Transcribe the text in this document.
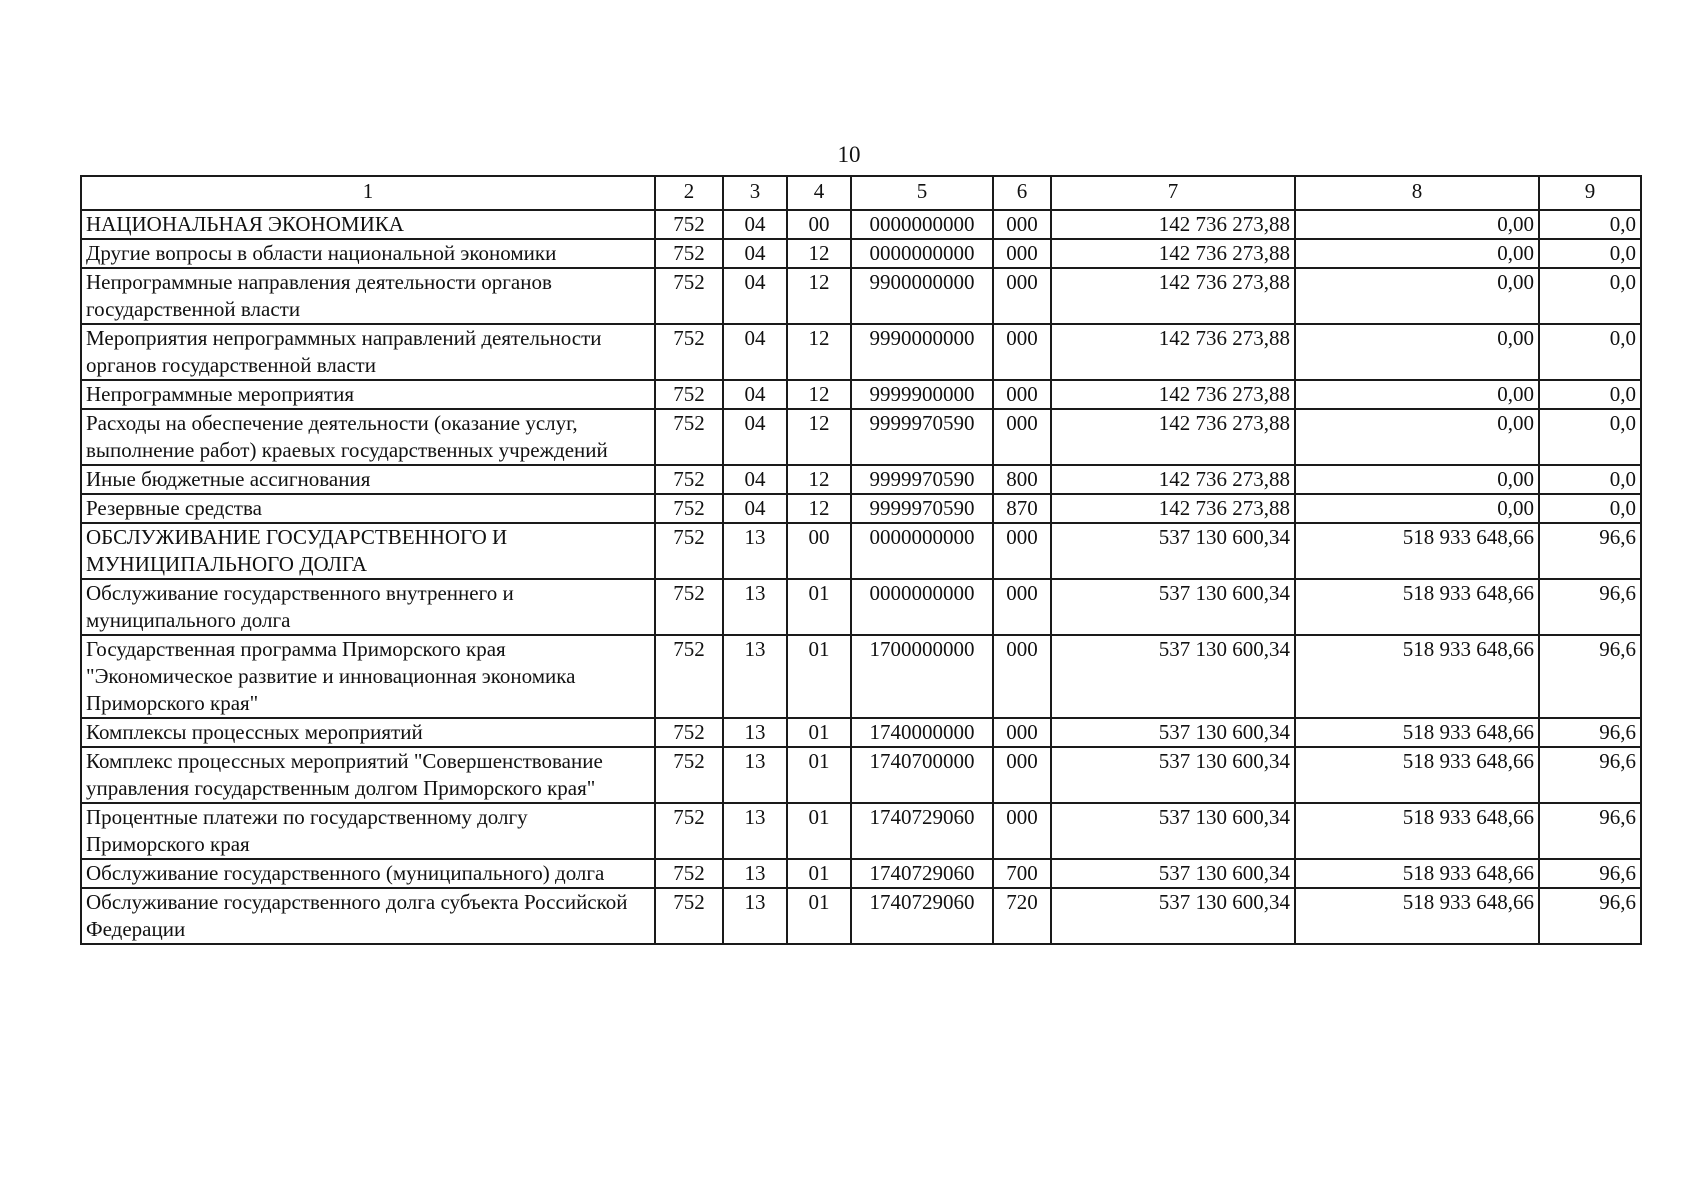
10
1	2	3	4	5	6	7	8	9
НАЦИОНАЛЬНАЯ ЭКОНОМИКА	752	04	00	0000000000	000	142 736 273,88	0,00	0,0
Другие вопросы в области национальной экономики	752	04	12	0000000000	000	142 736 273,88	0,00	0,0
Непрограммные направления деятельности органов государственной власти	752	04	12	9900000000	000	142 736 273,88	0,00	0,0
Мероприятия непрограммных направлений деятельности органов государственной власти	752	04	12	9990000000	000	142 736 273,88	0,00	0,0
Непрограммные мероприятия	752	04	12	9999900000	000	142 736 273,88	0,00	0,0
Расходы на обеспечение деятельности (оказание услуг, выполнение работ) краевых государственных учреждений	752	04	12	9999970590	000	142 736 273,88	0,00	0,0
Иные бюджетные ассигнования	752	04	12	9999970590	800	142 736 273,88	0,00	0,0
Резервные средства	752	04	12	9999970590	870	142 736 273,88	0,00	0,0
ОБСЛУЖИВАНИЕ ГОСУДАРСТВЕННОГО И МУНИЦИПАЛЬНОГО ДОЛГА	752	13	00	0000000000	000	537 130 600,34	518 933 648,66	96,6
Обслуживание государственного внутреннего и муниципального долга	752	13	01	0000000000	000	537 130 600,34	518 933 648,66	96,6
Государственная программа Приморского края "Экономическое развитие и инновационная экономика Приморского края"	752	13	01	1700000000	000	537 130 600,34	518 933 648,66	96,6
Комплексы процессных мероприятий	752	13	01	1740000000	000	537 130 600,34	518 933 648,66	96,6
Комплекс процессных мероприятий "Совершенствование управления государственным долгом Приморского края"	752	13	01	1740700000	000	537 130 600,34	518 933 648,66	96,6
Процентные платежи по государственному долгу Приморского края	752	13	01	1740729060	000	537 130 600,34	518 933 648,66	96,6
Обслуживание государственного (муниципального) долга	752	13	01	1740729060	700	537 130 600,34	518 933 648,66	96,6
Обслуживание государственного долга субъекта Российской Федерации	752	13	01	1740729060	720	537 130 600,34	518 933 648,66	96,6
